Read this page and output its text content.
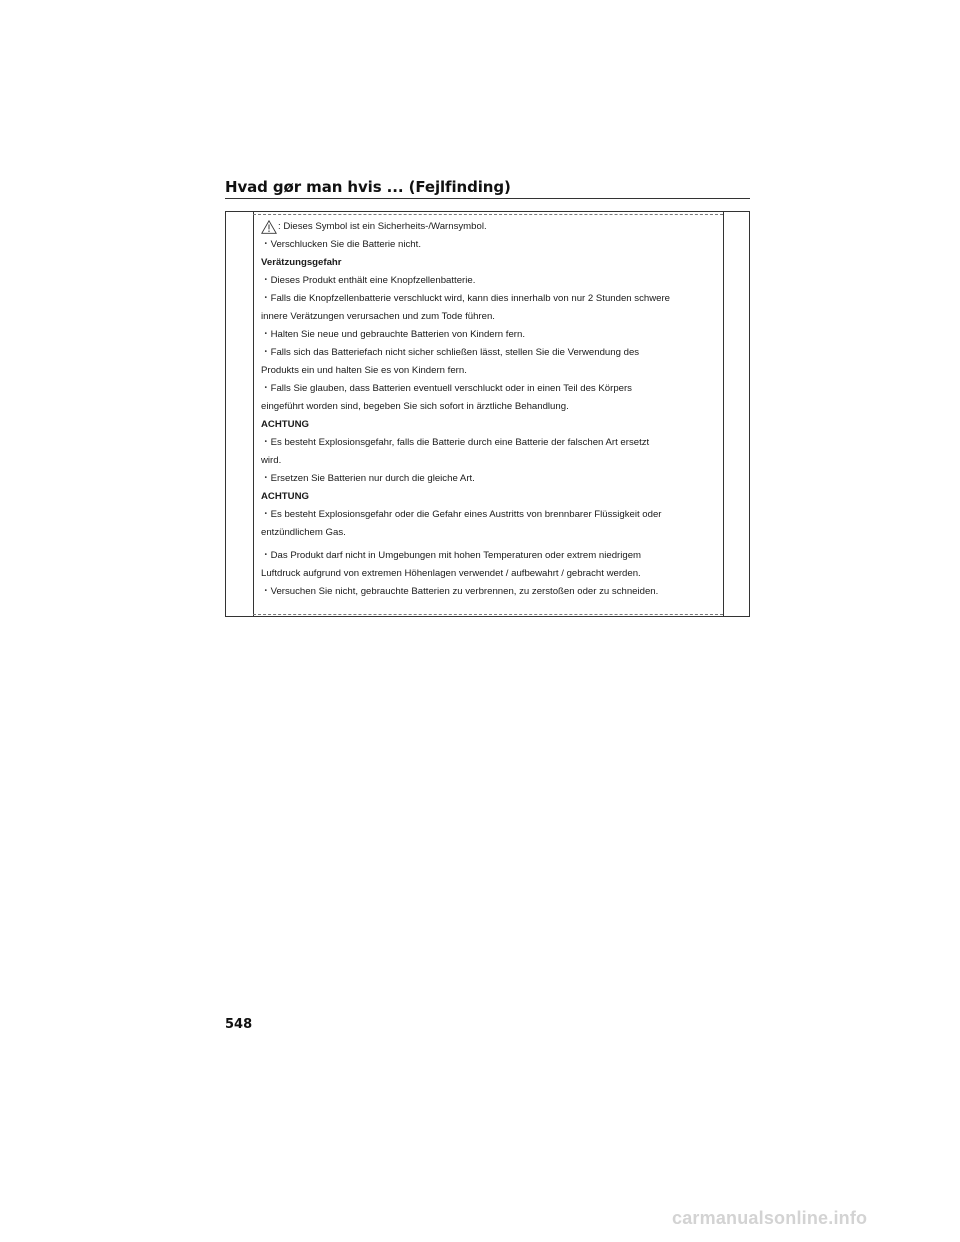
Hvad gør man hvis ... (Fejlfinding)
: Dieses Symbol ist ein Sicherheits-/Warnsymbol.
・Verschlucken Sie die Batterie nicht.
Verätzungsgefahr
・Dieses Produkt enthält eine Knopfzellenbatterie.
・Falls die Knopfzellenbatterie verschluckt wird, kann dies innerhalb von nur 2 Stunden schwere
innere Verätzungen verursachen und zum Tode führen.
・Halten Sie neue und gebrauchte Batterien von Kindern fern.
・Falls sich das Batteriefach nicht sicher schließen lässt, stellen Sie die Verwendung des
Produkts ein und halten Sie es von Kindern fern.
・Falls Sie glauben, dass Batterien eventuell verschluckt oder in einen Teil des Körpers
eingeführt worden sind, begeben Sie sich sofort in ärztliche Behandlung.
ACHTUNG
・Es besteht Explosionsgefahr, falls die Batterie durch eine Batterie der falschen Art ersetzt
wird.
・Ersetzen Sie Batterien nur durch die gleiche Art.
ACHTUNG
・Es besteht Explosionsgefahr oder die Gefahr eines Austritts von brennbarer Flüssigkeit oder
entzündlichem Gas.
・Das Produkt darf nicht in Umgebungen mit hohen Temperaturen oder extrem niedrigem
Luftdruck aufgrund von extremen Höhenlagen verwendet / aufbewahrt / gebracht werden.
・Versuchen Sie nicht, gebrauchte Batterien zu verbrennen, zu zerstoßen oder zu schneiden.
548
carmanualsonline.info
